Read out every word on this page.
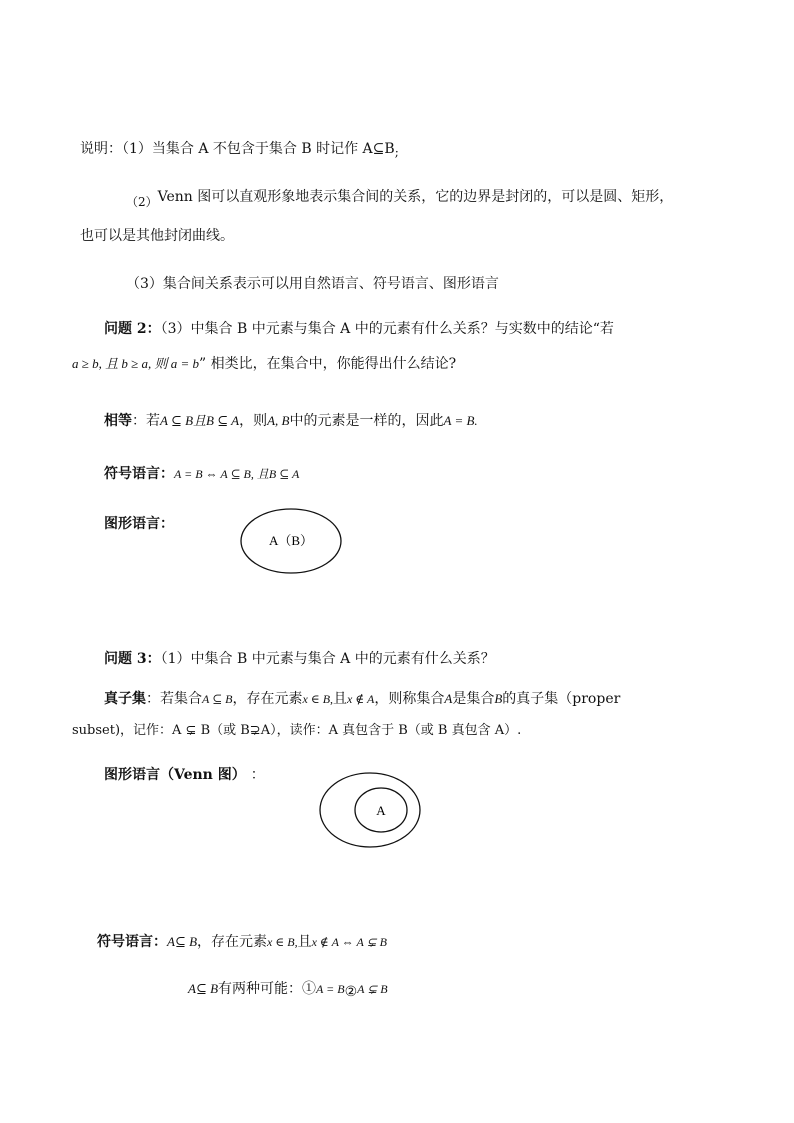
说明：（1）当集合 A 不包含于集合 B 时记作 A⊆B;
（2）Venn 图可以直观形象地表示集合间的关系，它的边界是封闭的，可以是圆、矩形，
也可以是其他封闭曲线。
（3）集合间关系表示可以用自然语言、符号语言、图形语言
问题 2：（3）中集合 B 中元素与集合 A 中的元素有什么关系？与实数中的结论“若
a ≥ b, 且 b ≥ a, 则 a = b” 相类比，在集合中，你能得出什么结论?
相等：若A ⊆ B且B ⊆ A，则A, B中的元素是一样的，因此A = B.
符号语言：A = B ⇔ A ⊆ B, 且B ⊆ A
图形语言：
A（B）
问题 3：（1）中集合 B 中元素与集合 A 中的元素有什么关系？
真子集：若集合A ⊆ B，存在元素x ∈ B,且x ∉ A，则称集合A是集合B的真子集（proper
subset)，记作：A ⊊ B（或 B⊋A），读作：A 真包含于 B（或 B 真包含 A）.
图形语言（Venn 图） ：
A
符号语言：A⊆ B，存在元素x ∈ B,且x ∉ A ⇔ A ⊊ B
A⊆ B有两种可能：①A = B②A ⊊ B
